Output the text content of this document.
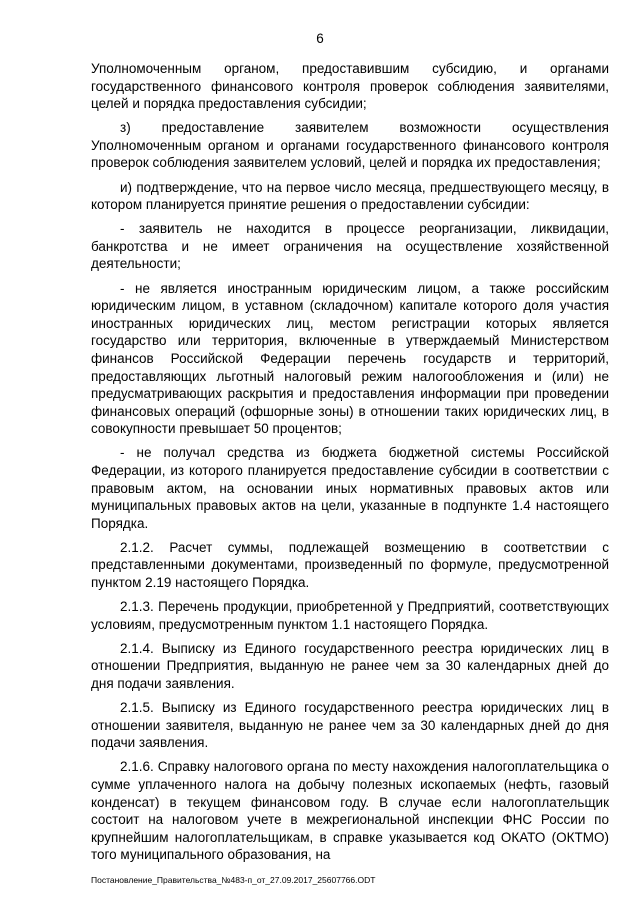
6

Уполномоченным органом, предоставившим субсидию, и органами государственного финансового контроля проверок соблюдения заявителями, целей и порядка предоставления субсидии;

з) предоставление заявителем возможности осуществления Уполномоченным органом и органами государственного финансового контроля проверок соблюдения заявителем условий, целей и порядка их предоставления;

и) подтверждение, что на первое число месяца, предшествующего месяцу, в котором планируется принятие решения о предоставлении субсидии:

- заявитель не находится в процессе реорганизации, ликвидации, банкротства и не имеет ограничения на осуществление хозяйственной деятельности;

- не является иностранным юридическим лицом, а также российским юридическим лицом, в уставном (складочном) капитале которого доля участия иностранных юридических лиц, местом регистрации которых является государство или территория, включенные в утверждаемый Министерством финансов Российской Федерации перечень государств и территорий, предоставляющих льготный налоговый режим налогообложения и (или) не предусматривающих раскрытия и предоставления информации при проведении финансовых операций (офшорные зоны) в отношении таких юридических лиц, в совокупности превышает 50 процентов;

- не получал средства из бюджета бюджетной системы Российской Федерации, из которого планируется предоставление субсидии в соответствии с правовым актом, на основании иных нормативных правовых актов или муниципальных правовых актов на цели, указанные в подпункте 1.4 настоящего Порядка.

2.1.2. Расчет суммы, подлежащей возмещению в соответствии с представленными документами, произведенный по формуле, предусмотренной пунктом 2.19 настоящего Порядка.

2.1.3. Перечень продукции, приобретенной у Предприятий, соответствующих условиям, предусмотренным пунктом 1.1 настоящего Порядка.

2.1.4. Выписку из Единого государственного реестра юридических лиц в отношении Предприятия, выданную не ранее чем за 30 календарных дней до дня подачи заявления.

2.1.5. Выписку из Единого государственного реестра юридических лиц в отношении заявителя, выданную не ранее чем за 30 календарных дней до дня подачи заявления.

2.1.6. Справку налогового органа по месту нахождения налогоплательщика о сумме уплаченного налога на добычу полезных ископаемых (нефть, газовый конденсат) в текущем финансовом году. В случае если налогоплательщик состоит на налоговом учете в межрегиональной инспекции ФНС России по крупнейшим налогоплательщикам, в справке указывается код ОКАТО (ОКТМО) того муниципального образования, на

Постановление_Правительства_№483-п_от_27.09.2017_25607766.ODT
